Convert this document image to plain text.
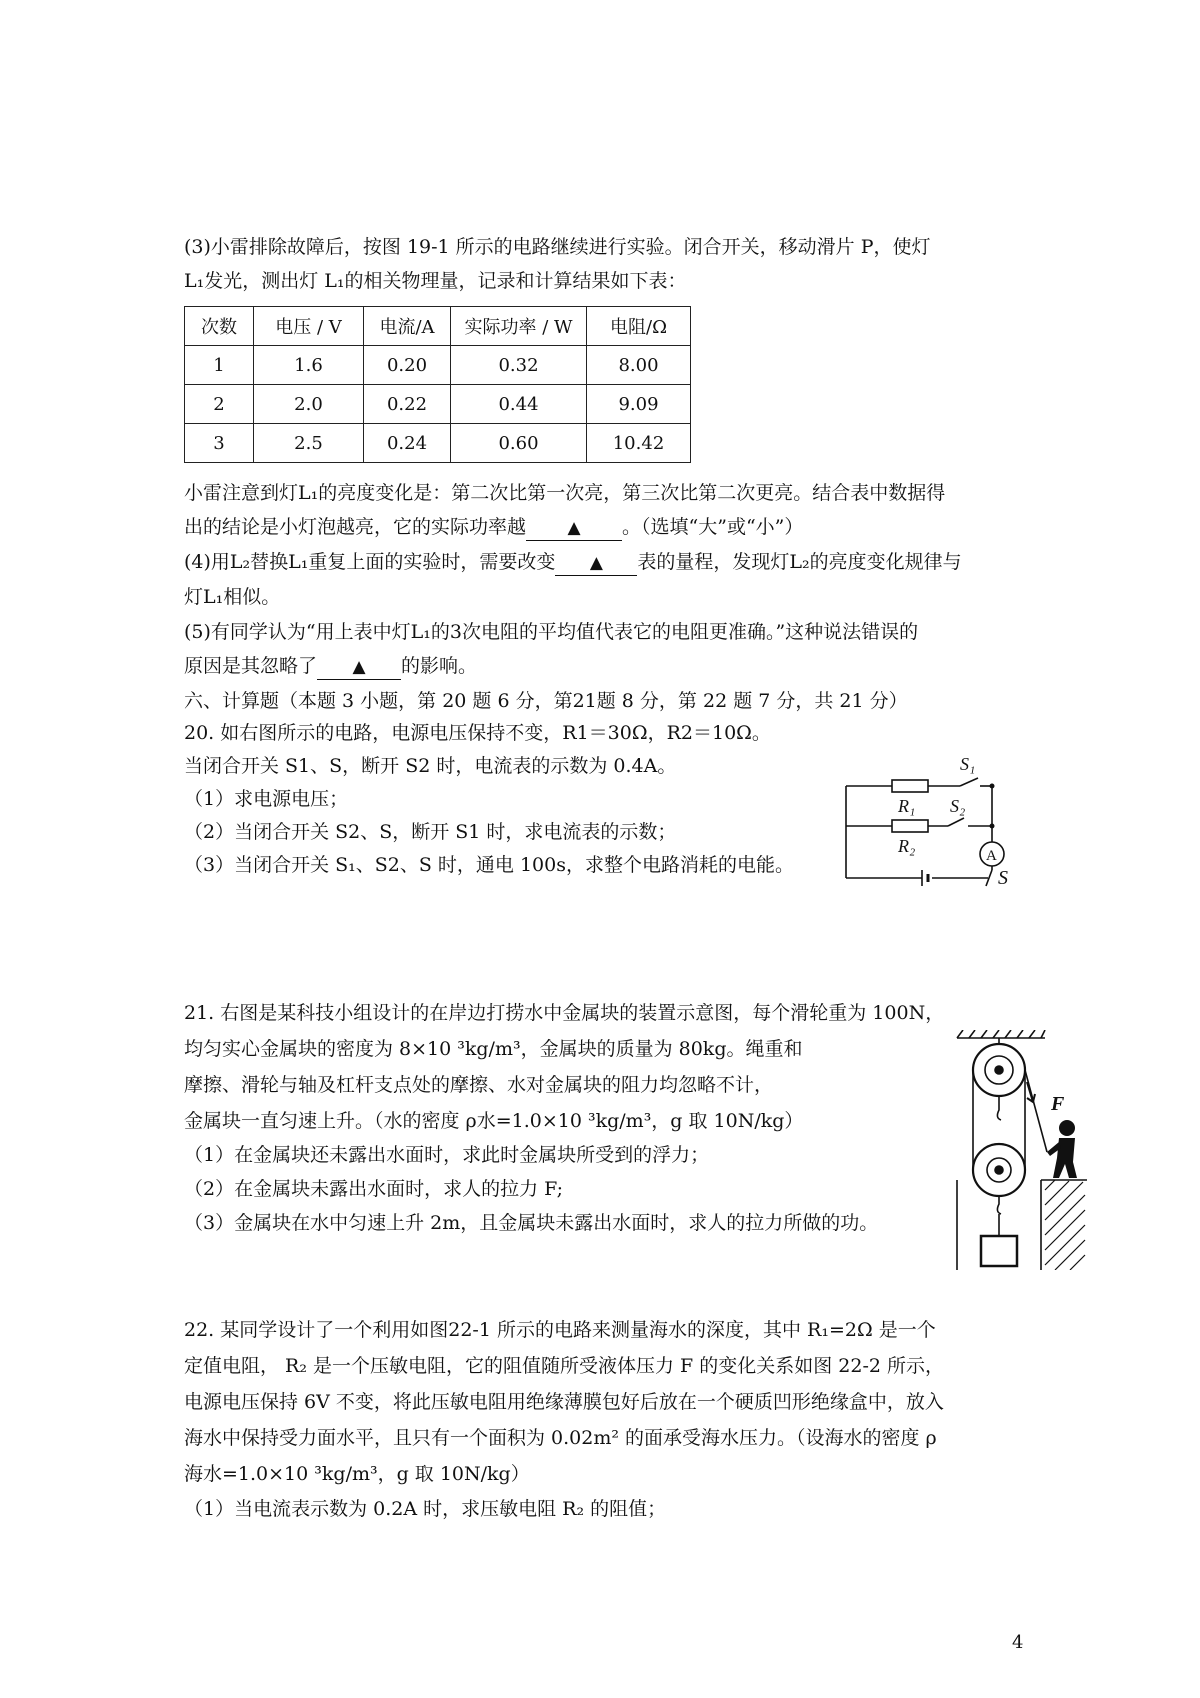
(3)小雷排除故障后，按图 19-1 所示的电路继续进行实验。闭合开关，移动滑片 P，使灯
L₁发光，测出灯 L₁的相关物理量，记录和计算结果如下表：
次数	电压 / V	电流/A	实际功率 / W	电阻/Ω
1	1.6	0.20	0.32	8.00
2	2.0	0.22	0.44	9.09
3	2.5	0.24	0.60	10.42
小雷注意到灯L₁的亮度变化是：第二次比第一次亮，第三次比第二次更亮。结合表中数据得
出的结论是小灯泡越亮，它的实际功率越 ▲ 。（选填“大”或“小”）
(4)用L₂替换L₁重复上面的实验时，需要改变 ▲ 表的量程，发现灯L₂的亮度变化规律与
灯L₁相似。
(5)有同学认为“用上表中灯L₁的3次电阻的平均值代表它的电阻更准确。”这种说法错误的
原因是其忽略了 ▲ 的影响。
六、计算题（本题 3 小题，第 20 题 6 分，第21题 8 分，第 22 题 7 分，共 21 分）
20. 如右图所示的电路，电源电压保持不变，R1＝30Ω，R2＝10Ω。
当闭合开关 S1、S，断开 S2 时，电流表的示数为 0.4A。
（1）求电源电压；
（2）当闭合开关 S2、S，断开 S1 时，求电流表的示数；
（3）当闭合开关 S₁、S2、S 时，通电 100s，求整个电路消耗的电能。
S₁
R₁ S₂
R₂
S
A
21. 右图是某科技小组设计的在岸边打捞水中金属块的装置示意图，每个滑轮重为 100N，
均匀实心金属块的密度为 8×10 ³kg/m³，金属块的质量为 80kg。绳重和
摩擦、滑轮与轴及杠杆支点处的摩擦、水对金属块的阻力均忽略不计，
金属块一直匀速上升。（水的密度 ρ水=1.0×10 ³kg/m³，g 取 10N/kg）
（1）在金属块还未露出水面时，求此时金属块所受到的浮力；
（2）在金属块未露出水面时，求人的拉力 F;
（3）金属块在水中匀速上升 2m，且金属块未露出水面时，求人的拉力所做的功。
F
22. 某同学设计了一个利用如图22-1 所示的电路来测量海水的深度，其中 R₁=2Ω 是一个
定值电阻， R₂ 是一个压敏电阻，它的阻值随所受液体压力 F 的变化关系如图 22-2 所示，
电源电压保持 6V 不变，将此压敏电阻用绝缘薄膜包好后放在一个硬质凹形绝缘盒中，放入
海水中保持受力面水平，且只有一个面积为 0.02m² 的面承受海水压力。（设海水的密度 ρ
海水=1.0×10 ³kg/m³，g 取 10N/kg）
（1）当电流表示数为 0.2A 时，求压敏电阻 R₂ 的阻值；
4
